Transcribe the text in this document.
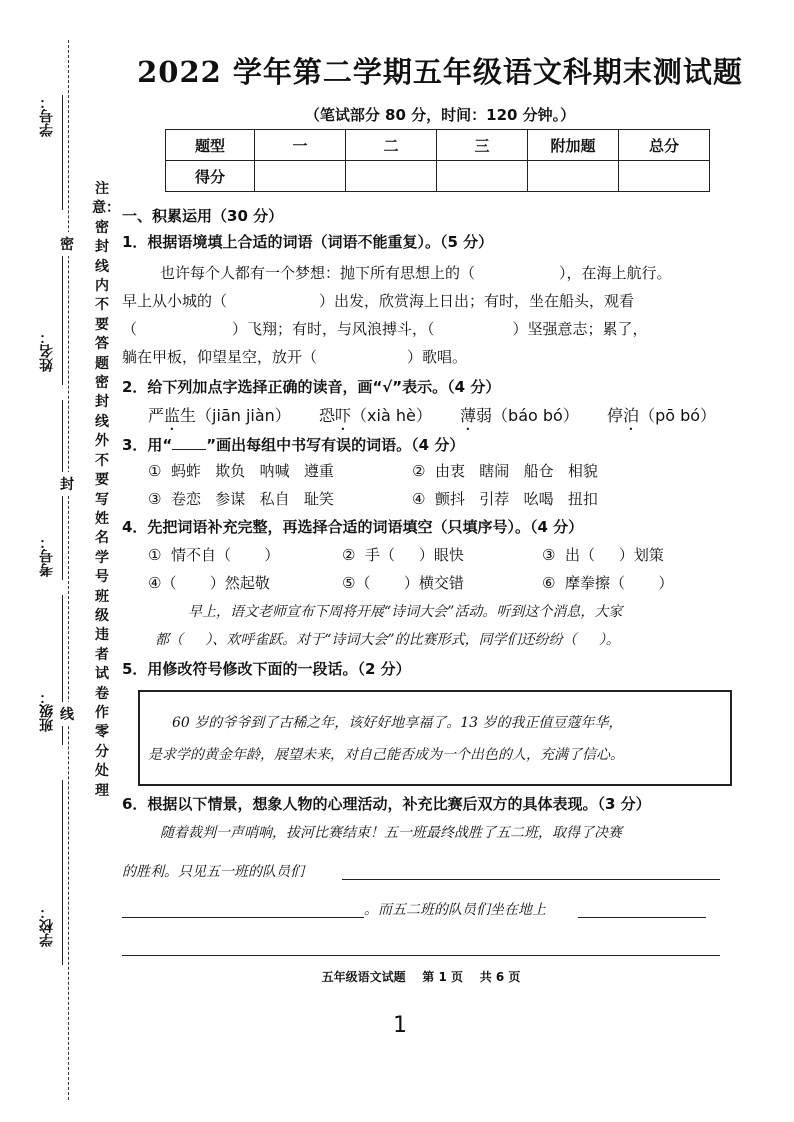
学号：
姓名：
考号：
班级：
学校：
密
封
线
注意：密封线内不要答题 密封线外不要写姓名 学号 班级违者试卷作零分处理
2022 学年第二学期五年级语文科期末测试题
（笔试部分 80 分，时间：120 分钟。）
题型	一	二	三	附加题	总分
得分					
一、积累运用（30 分）
1．根据语境填上合适的词语（词语不能重复）。（5 分）
也许每个人都有一个梦想：抛下所有思想上的（	），在海上航行。
早上从小城的（	）出发，欣赏海上日出；有时，坐在船头，观看
（	）飞翔；有时，与风浪搏斗，（	）坚强意志；累了，
躺在甲板，仰望星空，放开（	）歌唱。
2．给下列加点字选择正确的读音，画“√”表示。（4 分）
严监生（jiān jiàn） 恐吓（xià hè） 薄弱（báo bó） 停泊（pō bó）
3．用“ ”画出每组中书写有误的词语。（4 分）
①  蚂蚱   欺负   呐喊   遵重	②  由衷   瞎闹   船仓   相貌
③  卷恋   参谋   私自   耻笑	④  颤抖   引荐   吆喝   扭扣
4．先把词语补充完整，再选择合适的词语填空（只填序号）。（4 分）
①  情不自（       ）	②  手（     ）眼快	③  出（     ）划策
④（       ）然起敬	⑤（       ）横交错	⑥  摩拳擦（       ）
早上，语文老师宣布下周将开展“诗词大会”活动。听到这个消息，大家
都（     ）、欢呼雀跃。对于“诗词大会”的比赛形式，同学们还纷纷（     ）。
5．用修改符号修改下面的一段话。（2 分）
60 岁的爷爷到了古稀之年，该好好地享福了。13 岁的我正值豆蔻年华，
是求学的黄金年龄，展望未来，对自己能否成为一个出色的人，充满了信心。
6．根据以下情景，想象人物的心理活动，补充比赛后双方的具体表现。（3 分）
随着裁判一声哨响，拔河比赛结束！五一班最终战胜了五二班，取得了决赛
的胜利。只见五一班的队员们
。而五二班的队员们坐在地上
五年级语文试题    第 1 页    共 6 页
1
